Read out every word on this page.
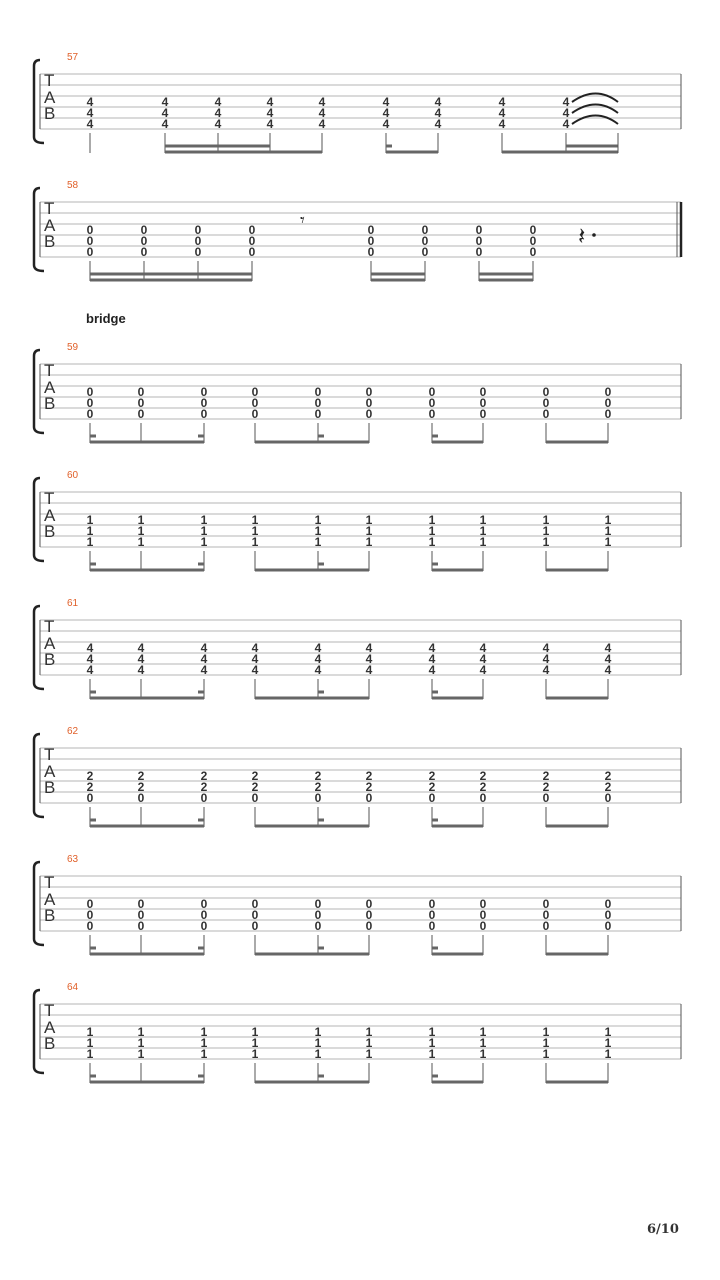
57
T
A
B
4
4
4
4
4
4
4
4
4
4
4
4
4
4
4
4
4
4
4
4
4
4
4
4
4
4
4
58
T
A
B
0
0
0
0
0
0
0
0
0
0
0
0
0
0
0
0
0
0
0
0
0
0
0
0
𝄾
𝄽
59
T
A
B
0
0
0
0
0
0
0
0
0
0
0
0
0
0
0
0
0
0
0
0
0
0
0
0
0
0
0
0
0
0
60
T
A
B
1
1
1
1
1
1
1
1
1
1
1
1
1
1
1
1
1
1
1
1
1
1
1
1
1
1
1
1
1
1
61
T
A
B
4
4
4
4
4
4
4
4
4
4
4
4
4
4
4
4
4
4
4
4
4
4
4
4
4
4
4
4
4
4
62
T
A
B
2
2
0
2
2
0
2
2
0
2
2
0
2
2
0
2
2
0
2
2
0
2
2
0
2
2
0
2
2
0
63
T
A
B
0
0
0
0
0
0
0
0
0
0
0
0
0
0
0
0
0
0
0
0
0
0
0
0
0
0
0
0
0
0
64
T
A
B
1
1
1
1
1
1
1
1
1
1
1
1
1
1
1
1
1
1
1
1
1
1
1
1
1
1
1
1
1
1
bridge
6/10
